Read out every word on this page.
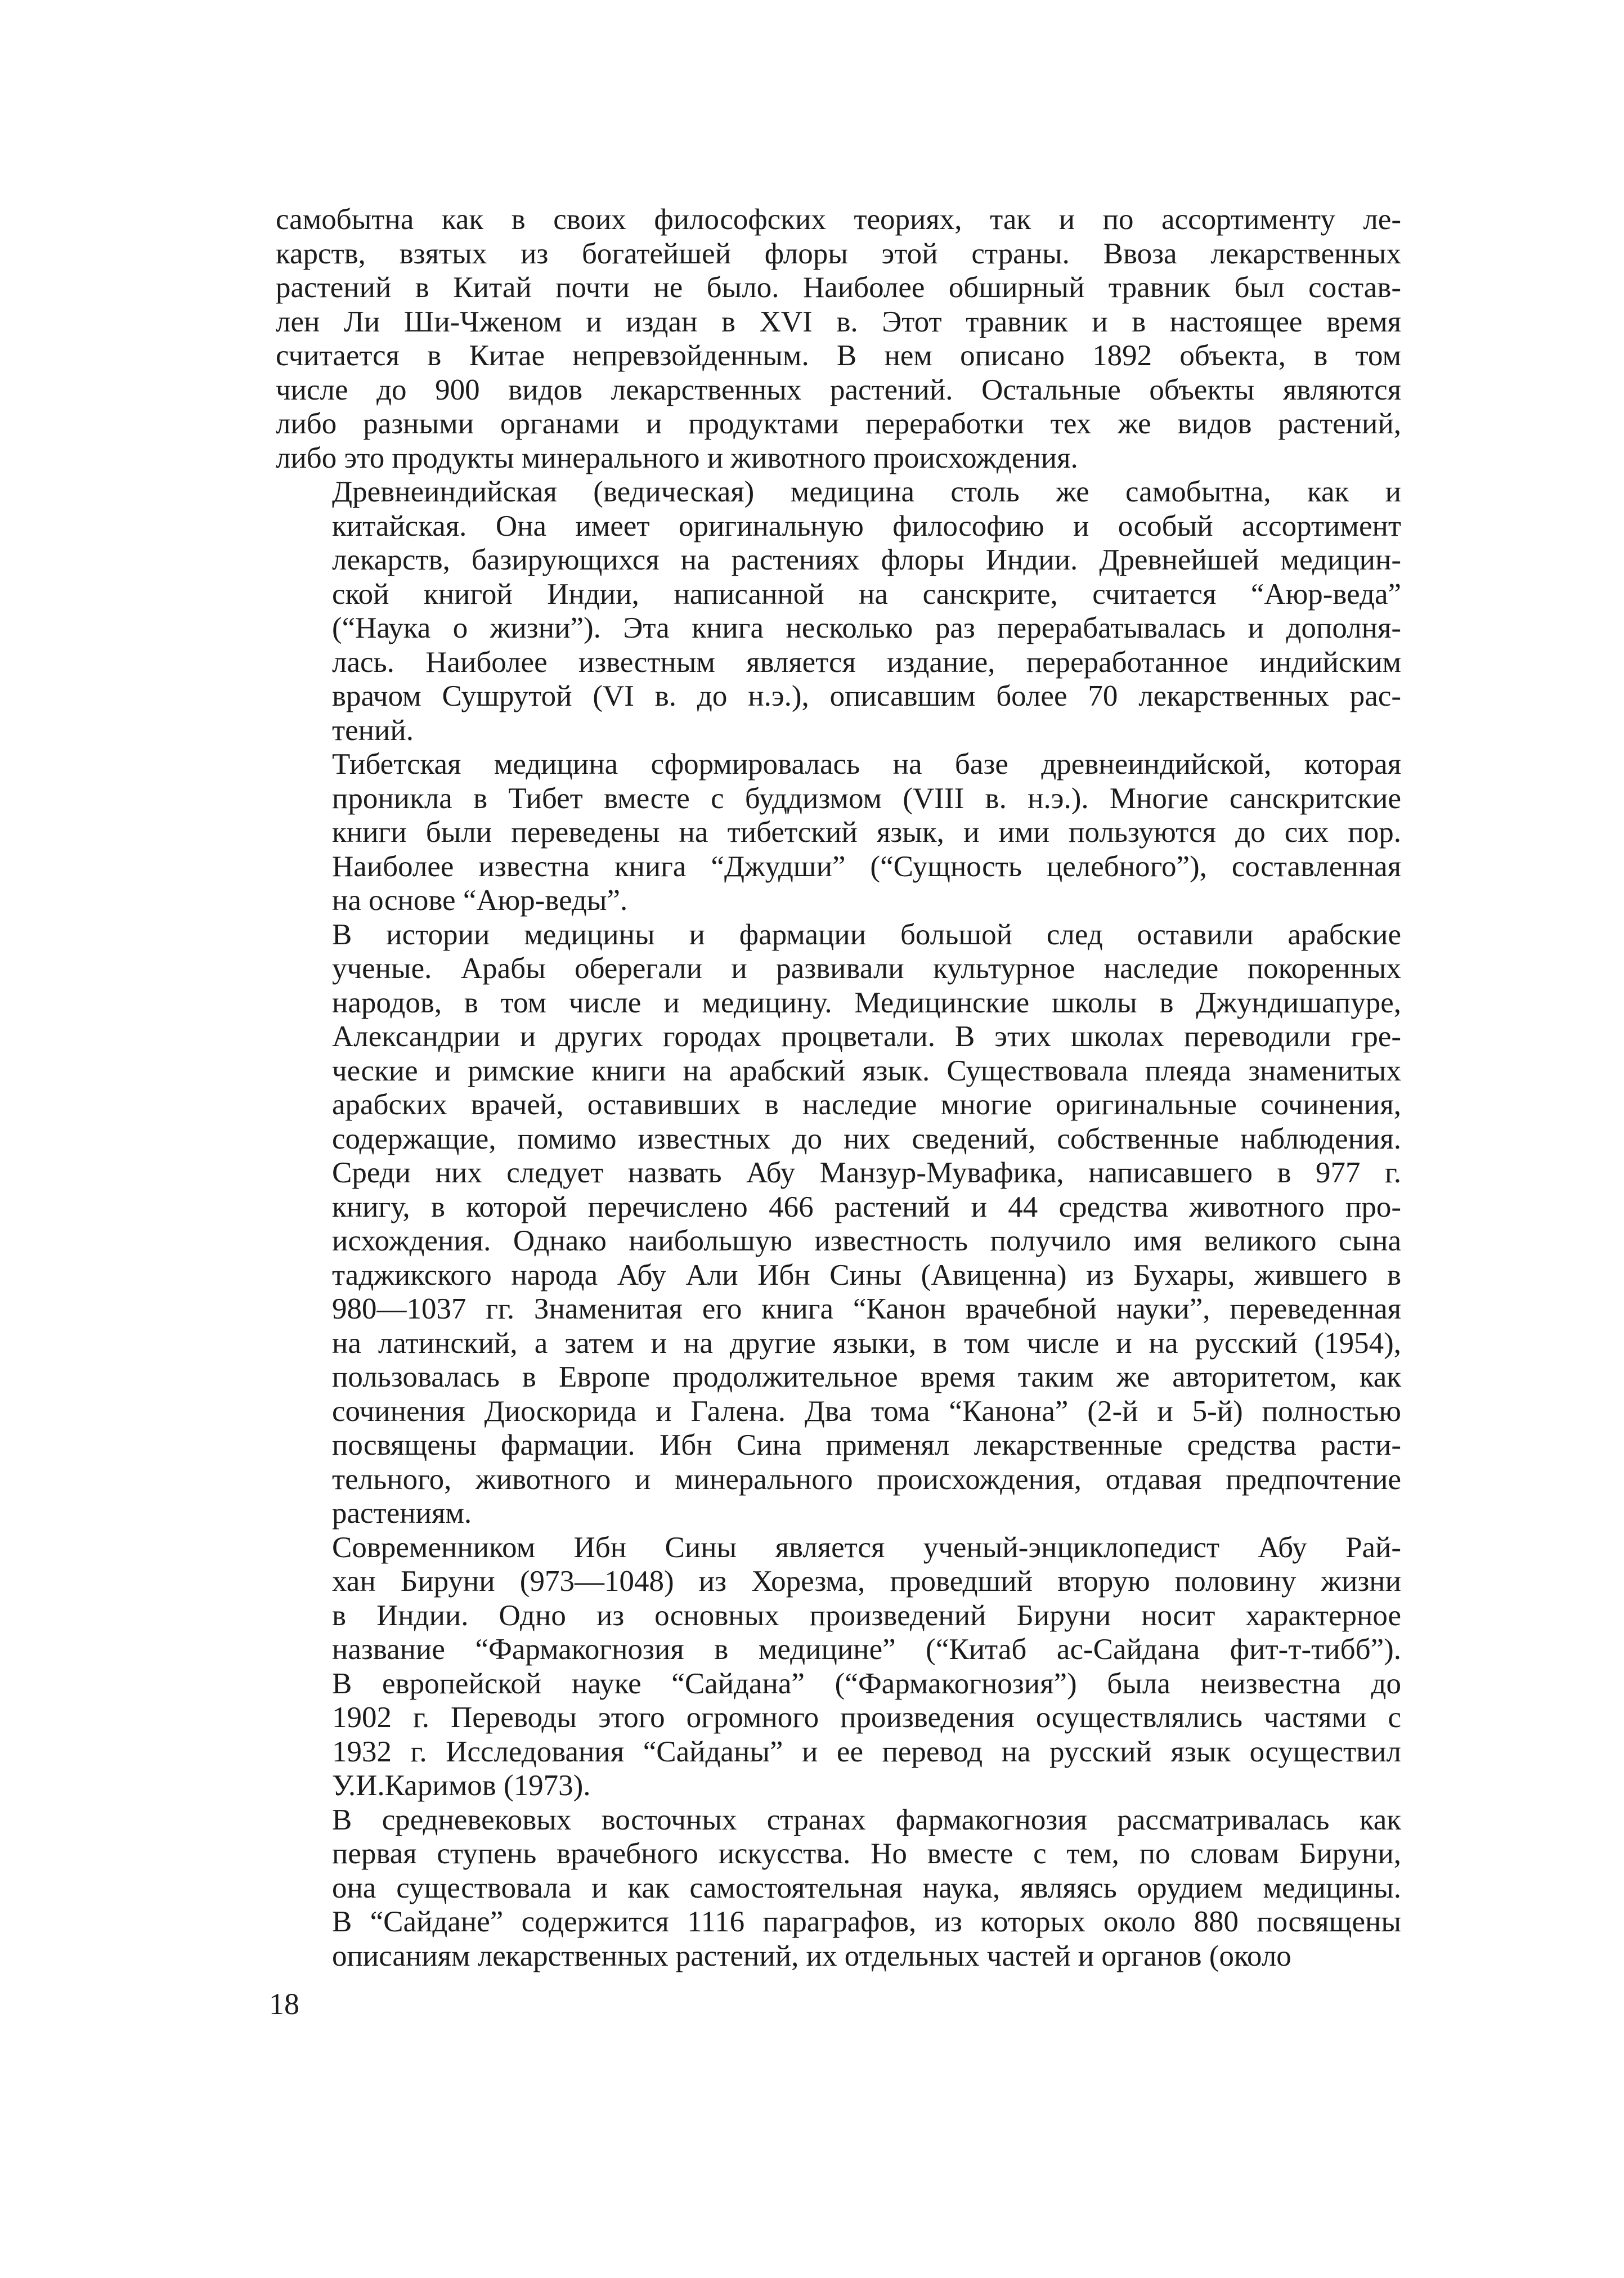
самобытна как в своих философских теориях, так и по ассортименту ле-
карств, взятых из богатейшей флоры этой страны. Ввоза лекарственных
растений в Китай почти не было. Наиболее обширный травник был состав-
лен Ли Ши-Чженом и издан в XVI в. Этот травник и в настоящее время
считается в Китае непревзойденным. В нем описано 1892 объекта, в том
числе до 900 видов лекарственных растений. Остальные объекты являются
либо разными органами и продуктами переработки тех же видов растений,
либо это продукты минерального и животного происхождения.
Древнеиндийская (ведическая) медицина столь же самобытна, как и
китайская. Она имеет оригинальную философию и особый ассортимент
лекарств, базирующихся на растениях флоры Индии. Древнейшей медицин-
ской книгой Индии, написанной на санскрите, считается “Аюр-веда”
(“Наука о жизни”). Эта книга несколько раз перерабатывалась и дополня-
лась. Наиболее известным является издание, переработанное индийским
врачом Сушрутой (VI в. до н.э.), описавшим более 70 лекарственных рас-
тений.
Тибетская медицина сформировалась на базе древнеиндийской, которая
проникла в Тибет вместе с буддизмом (VIII в. н.э.). Многие санскритские
книги были переведены на тибетский язык, и ими пользуются до сих пор.
Наиболее известна книга “Джудши” (“Сущность целебного”), составленная
на основе “Аюр-веды”.
В истории медицины и фармации большой след оставили арабские
ученые. Арабы оберегали и развивали культурное наследие покоренных
народов, в том числе и медицину. Медицинские школы в Джундишапуре,
Александрии и других городах процветали. В этих школах переводили гре-
ческие и римские книги на арабский язык. Существовала плеяда знаменитых
арабских врачей, оставивших в наследие многие оригинальные сочинения,
содержащие, помимо известных до них сведений, собственные наблюдения.
Среди них следует назвать Абу Манзур-Мувафика, написавшего в 977 г.
книгу, в которой перечислено 466 растений и 44 средства животного про-
исхождения. Однако наибольшую известность получило имя великого сына
таджикского народа Абу Али Ибн Сины (Авиценна) из Бухары, жившего в
980—1037 гг. Знаменитая его книга “Канон врачебной науки”, переведенная
на латинский, а затем и на другие языки, в том числе и на русский (1954),
пользовалась в Европе продолжительное время таким же авторитетом, как
сочинения Диоскорида и Галена. Два тома “Канона” (2-й и 5-й) полностью
посвящены фармации. Ибн Сина применял лекарственные средства расти-
тельного, животного и минерального происхождения, отдавая предпочтение
растениям.
Современником Ибн Сины является ученый-энциклопедист Абу Рай-
хан Бируни (973—1048) из Хорезма, проведший вторую половину жизни
в Индии. Одно из основных произведений Бируни носит характерное
название “Фармакогнозия в медицине” (“Китаб ас-Сайдана фит-т-тибб”).
В европейской науке “Сайдана” (“Фармакогнозия”) была неизвестна до
1902 г. Переводы этого огромного произведения осуществлялись частями с
1932 г. Исследования “Сайданы” и ее перевод на русский язык осуществил
У.И.Каримов (1973).
В средневековых восточных странах фармакогнозия рассматривалась как
первая ступень врачебного искусства. Но вместе с тем, по словам Бируни,
она существовала и как самостоятельная наука, являясь орудием медицины.
В “Сайдане” содержится 1116 параграфов, из которых около 880 посвящены
описаниям лекарственных растений, их отдельных частей и органов (около
18
